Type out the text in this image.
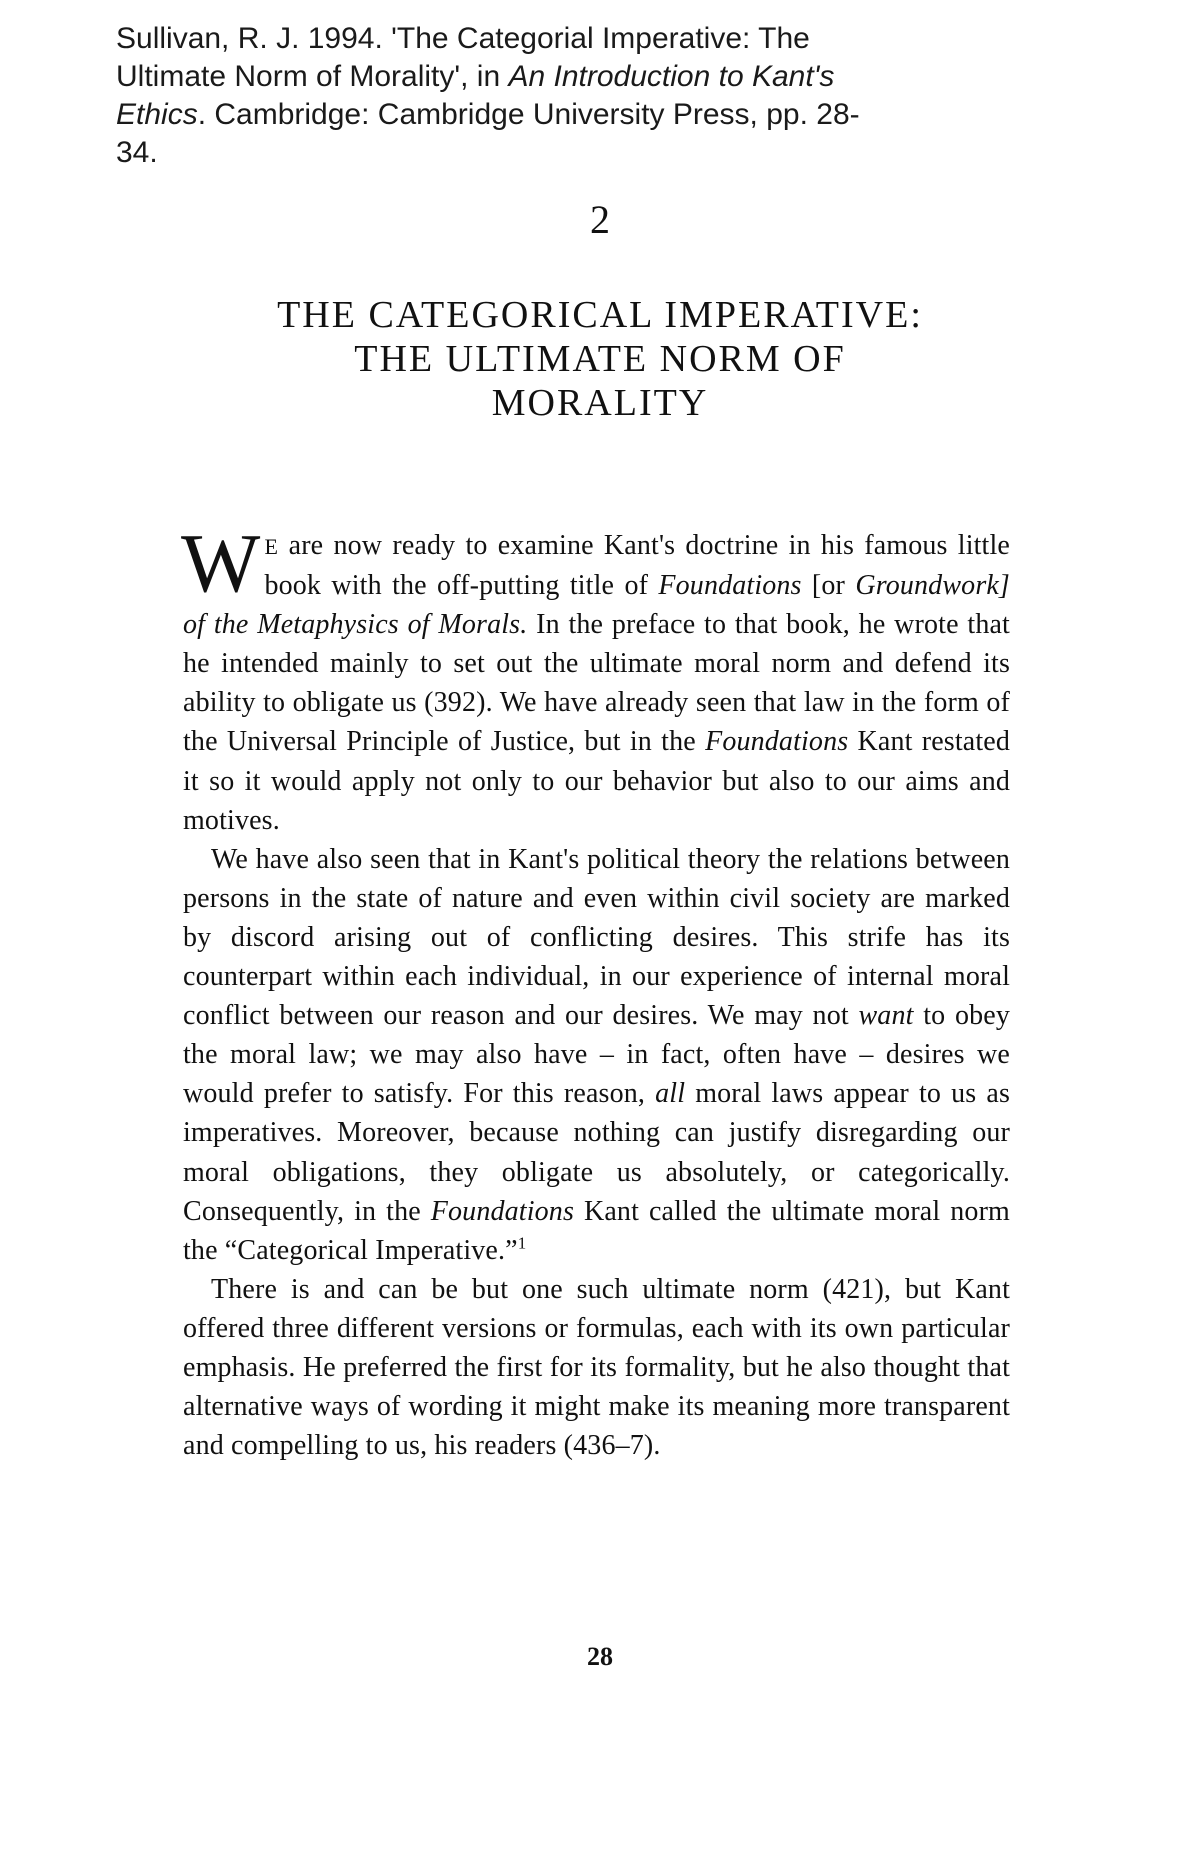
Sullivan, R. J. 1994. 'The Categorial Imperative: The Ultimate Norm of Morality', in An Introduction to Kant's Ethics. Cambridge: Cambridge University Press, pp. 28-34.
2
THE CATEGORICAL IMPERATIVE:
THE ULTIMATE NORM OF
MORALITY

W E are now ready to examine Kant's doctrine in his famous little book with the off-putting title of Foundations [or Groundwork] of the Metaphysics of Morals. In the preface to that book, he wrote that he intended mainly to set out the ultimate moral norm and defend its ability to obligate us (392). We have already seen that law in the form of the Universal Principle of Justice, but in the Foundations Kant restated it so it would apply not only to our behavior but also to our aims and motives.

We have also seen that in Kant's political theory the relations between persons in the state of nature and even within civil society are marked by discord arising out of conflicting desires. This strife has its counterpart within each individual, in our experience of internal moral conflict between our reason and our desires. We may not want to obey the moral law; we may also have – in fact, often have – desires we would prefer to satisfy. For this reason, all moral laws appear to us as imperatives. Moreover, because nothing can justify disregarding our moral obligations, they obligate us absolutely, or categorically. Consequently, in the Foundations Kant called the ultimate moral norm the “Categorical Imperative.”$^1$

There is and can be but one such ultimate norm (421), but Kant offered three different versions or formulas, each with its own particular emphasis. He preferred the first for its formality, but he also thought that alternative ways of wording it might make its meaning more transparent and compelling to us, his readers (436–7).

28
